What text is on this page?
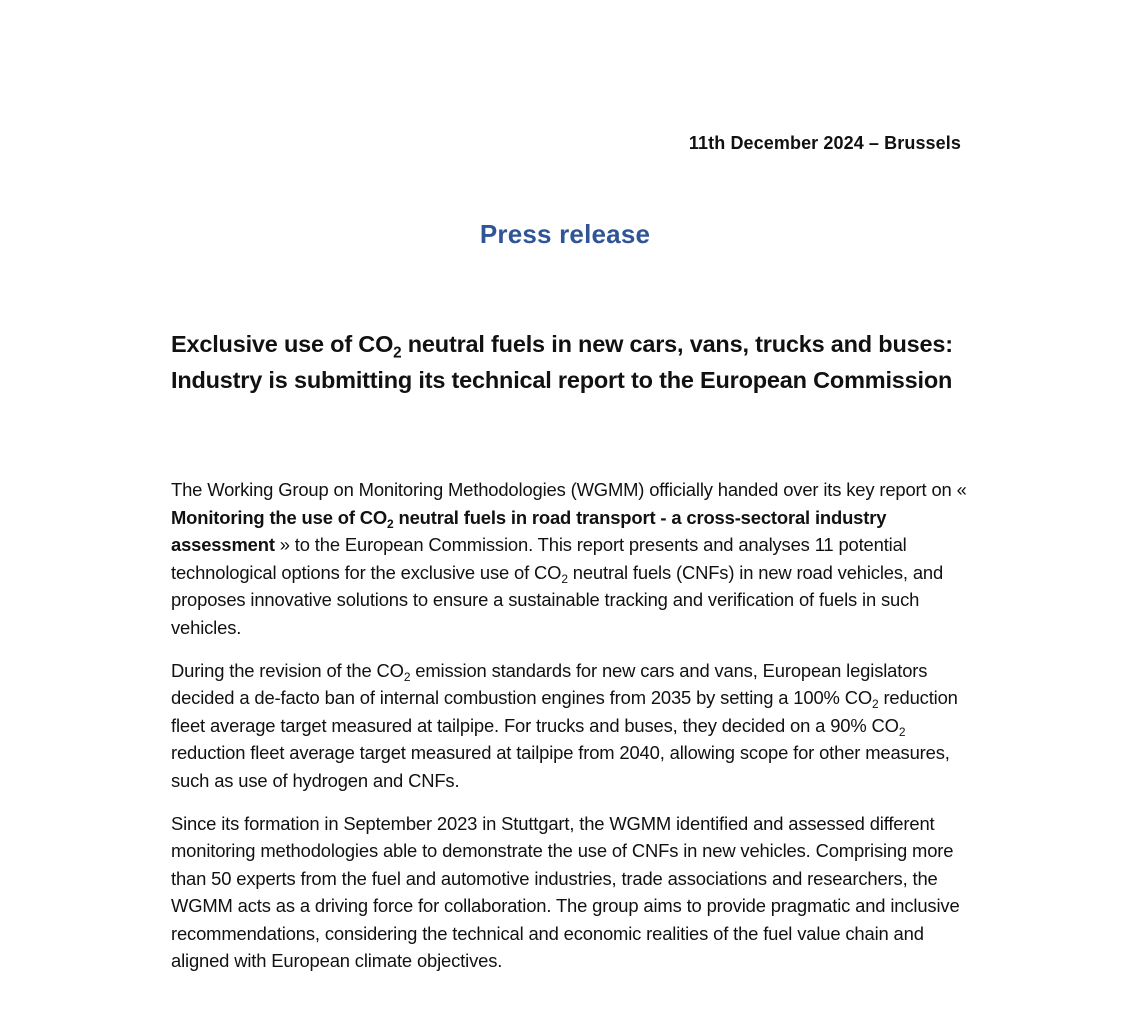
11th December 2024 – Brussels
Press release
Exclusive use of $CO_2$ neutral fuels in new cars, vans, trucks and buses: Industry is submitting its technical report to the European Commission

The Working Group on Monitoring Methodologies (WGMM) officially handed over its key report on « Monitoring the use of $CO_2$ neutral fuels in road transport - a cross-sectoral industry assessment » to the European Commission. This report presents and analyses 11 potential technological options for the exclusive use of $CO_2$ neutral fuels (CNFs) in new road vehicles, and proposes innovative solutions to ensure a sustainable tracking and verification of fuels in such vehicles.

During the revision of the $CO_2$ emission standards for new cars and vans, European legislators decided a de-facto ban of internal combustion engines from 2035 by setting a 100% $CO_2$ reduction fleet average target measured at tailpipe. For trucks and buses, they decided on a 90% $CO_2$ reduction fleet average target measured at tailpipe from 2040, allowing scope for other measures, such as use of hydrogen and CNFs.

Since its formation in September 2023 in Stuttgart, the WGMM identified and assessed different monitoring methodologies able to demonstrate the use of CNFs in new vehicles. Comprising more than 50 experts from the fuel and automotive industries, trade associations and researchers, the WGMM acts as a driving force for collaboration. The group aims to provide pragmatic and inclusive recommendations, considering the technical and economic realities of the fuel value chain and aligned with European climate objectives.
